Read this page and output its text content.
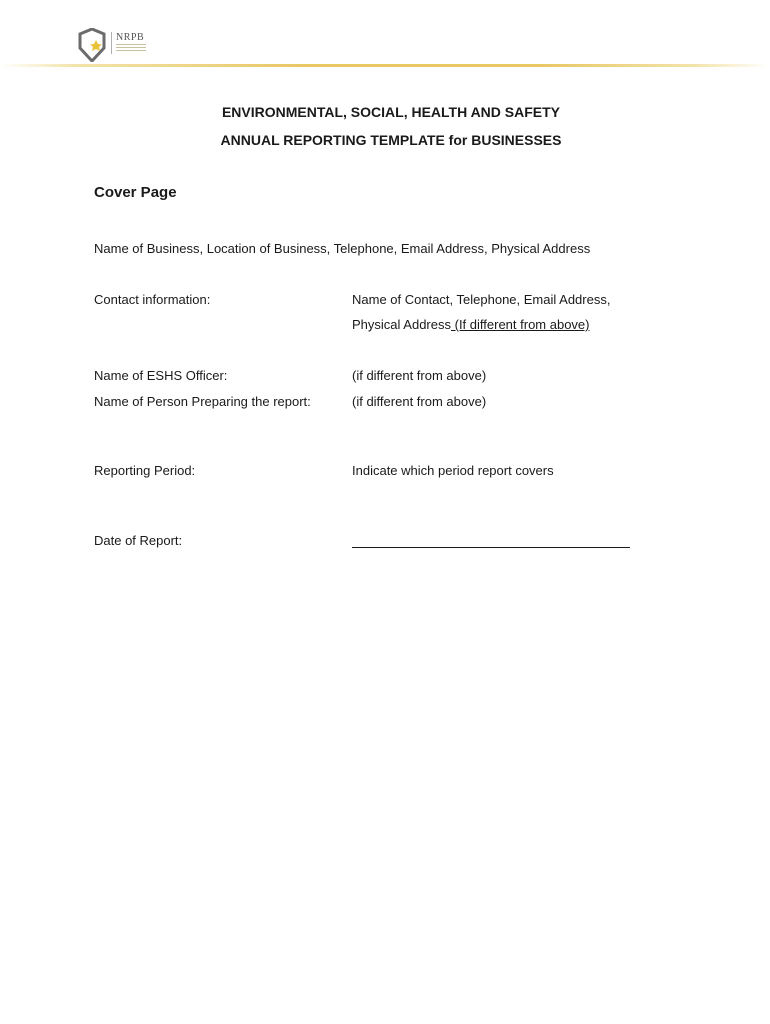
NRPB
ENVIRONMENTAL, SOCIAL, HEALTH AND SAFETY
ANNUAL REPORTING TEMPLATE for BUSINESSES
Cover Page
Name of Business, Location of Business, Telephone, Email Address, Physical Address
Contact information:	Name of Contact, Telephone, Email Address,
Physical Address (If different from above)
Name of ESHS Officer:	(if different from above)
Name of Person Preparing the report:	(if different from above)
Reporting Period:	Indicate which period report covers
Date of Report:
